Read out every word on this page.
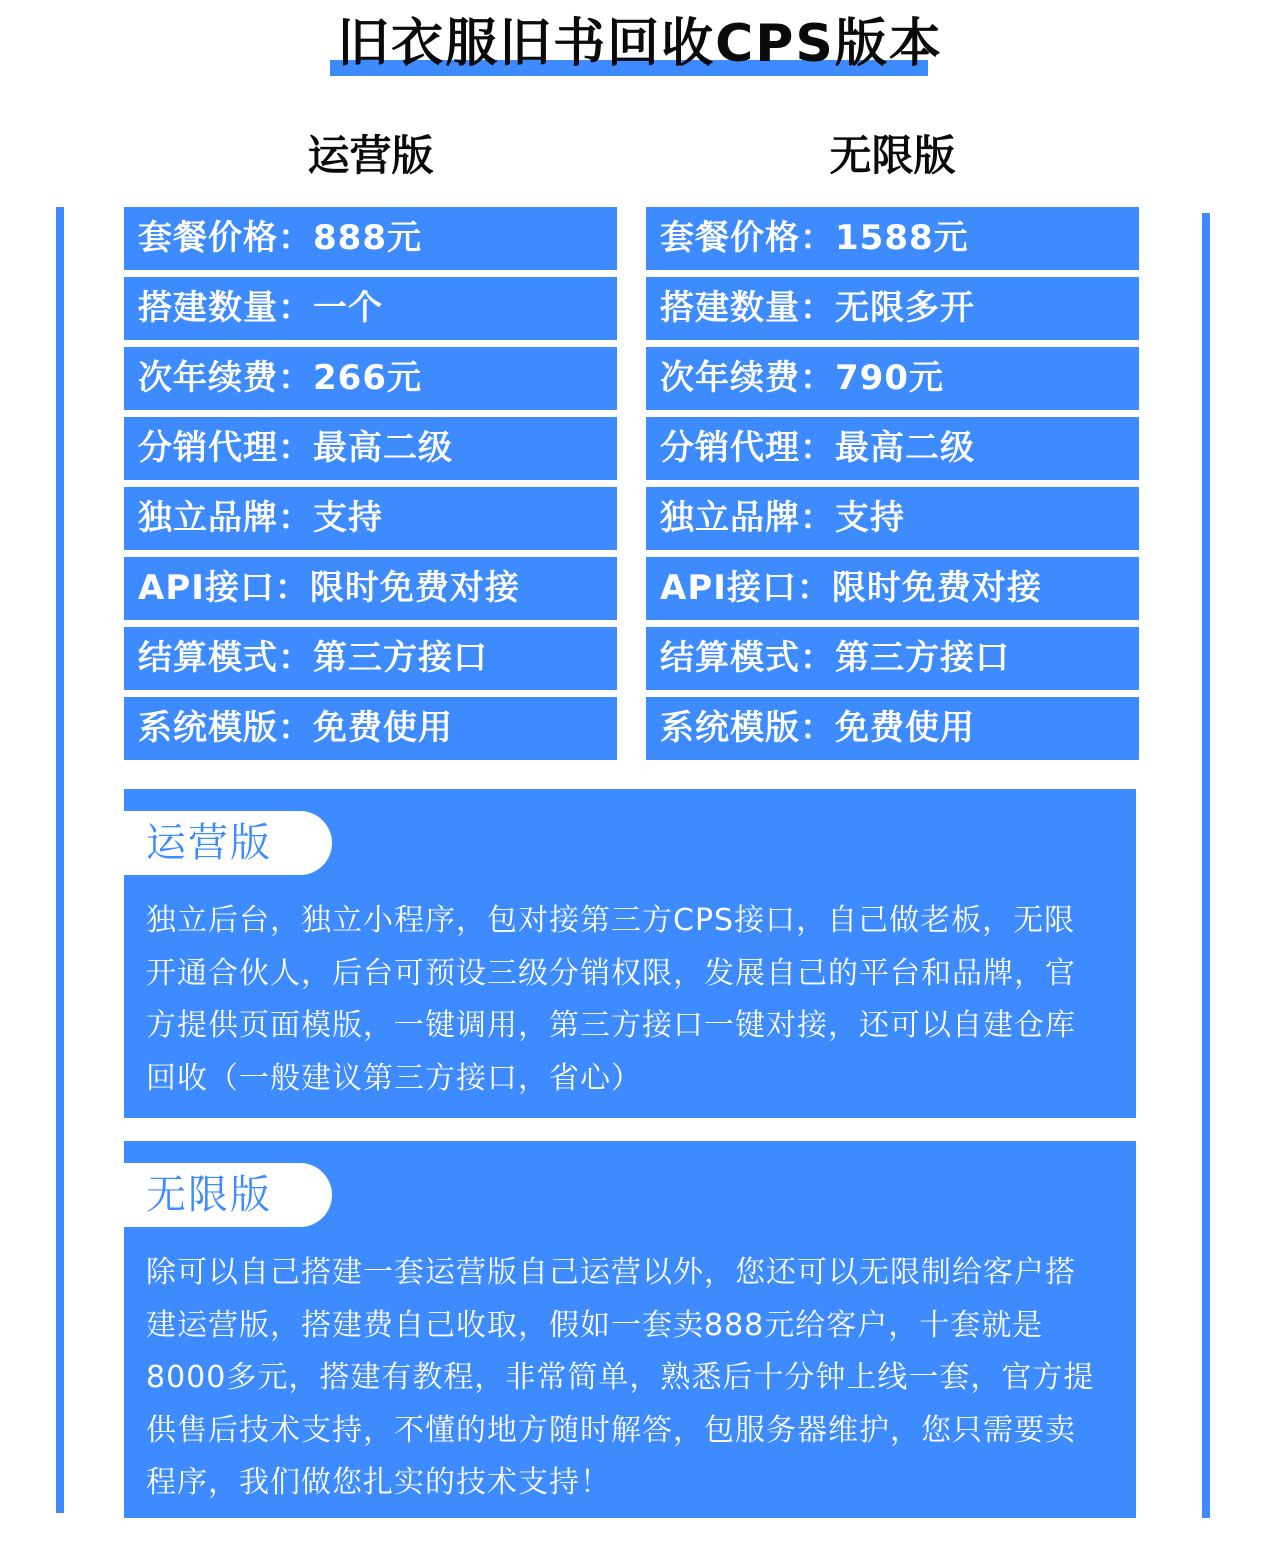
旧衣服旧书回收CPS版本
运营版	无限版
套餐价格：888元
搭建数量：一个
次年续费：266元
分销代理：最高二级
独立品牌：支持
API接口：限时免费对接
结算模式：第三方接口
系统模版：免费使用
套餐价格：1588元
搭建数量：无限多开
次年续费：790元
分销代理：最高二级
独立品牌：支持
API接口：限时免费对接
结算模式：第三方接口
系统模版：免费使用
运营版
独立后台，独立小程序，包对接第三方CPS接口，自己做老板，无限开通合伙人，后台可预设三级分销权限，发展自己的平台和品牌，官方提供页面模版，一键调用，第三方接口一键对接，还可以自建仓库回收（一般建议第三方接口，省心）
无限版
除可以自己搭建一套运营版自己运营以外，您还可以无限制给客户搭建运营版，搭建费自己收取，假如一套卖888元给客户，十套就是8000多元，搭建有教程，非常简单，熟悉后十分钟上线一套，官方提供售后技术支持，不懂的地方随时解答，包服务器维护，您只需要卖程序，我们做您扎实的技术支持！
